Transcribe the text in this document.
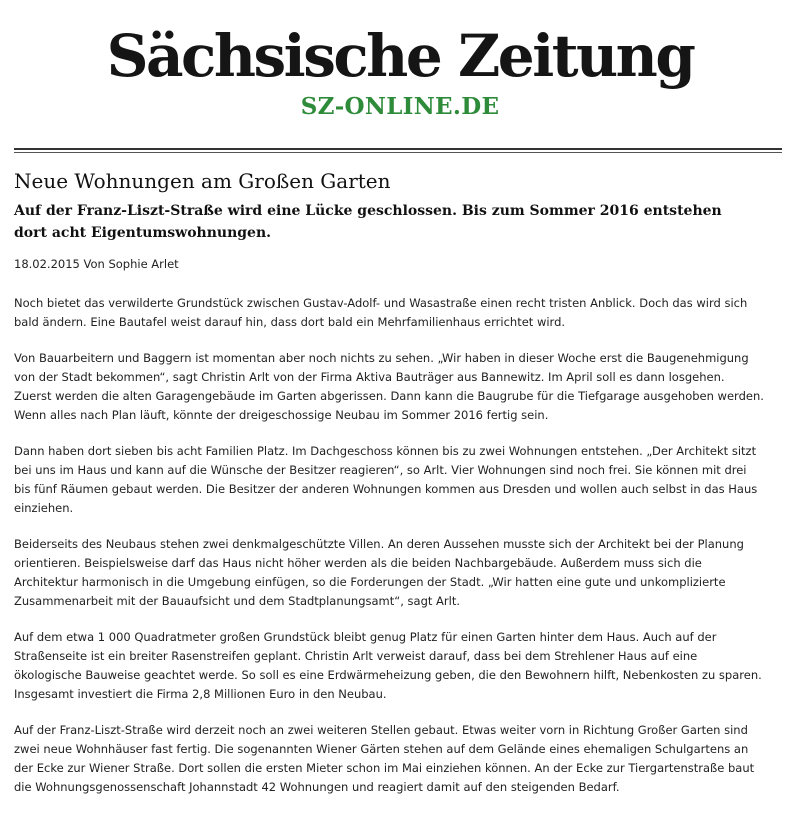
Sächsische Zeitung
SZ-ONLINE.DE
Neue Wohnungen am Großen Garten

Auf der Franz-Liszt-Straße wird eine Lücke geschlossen. Bis zum Sommer 2016 entstehen dort acht Eigentumswohnungen.

18.02.2015 Von Sophie Arlet

Noch bietet das verwilderte Grundstück zwischen Gustav-Adolf- und Wasastraße einen recht tristen Anblick. Doch das wird sich
bald ändern. Eine Bautafel weist darauf hin, dass dort bald ein Mehrfamilienhaus errichtet wird.

Von Bauarbeitern und Baggern ist momentan aber noch nichts zu sehen. „Wir haben in dieser Woche erst die Baugenehmigung
von der Stadt bekommen“, sagt Christin Arlt von der Firma Aktiva Bauträger aus Bannewitz. Im April soll es dann losgehen.
Zuerst werden die alten Garagengebäude im Garten abgerissen. Dann kann die Baugrube für die Tiefgarage ausgehoben werden.
Wenn alles nach Plan läuft, könnte der dreigeschossige Neubau im Sommer 2016 fertig sein.

Dann haben dort sieben bis acht Familien Platz. Im Dachgeschoss können bis zu zwei Wohnungen entstehen. „Der Architekt sitzt
bei uns im Haus und kann auf die Wünsche der Besitzer reagieren“, so Arlt. Vier Wohnungen sind noch frei. Sie können mit drei
bis fünf Räumen gebaut werden. Die Besitzer der anderen Wohnungen kommen aus Dresden und wollen auch selbst in das Haus
einziehen.

Beiderseits des Neubaus stehen zwei denkmalgeschützte Villen. An deren Aussehen musste sich der Architekt bei der Planung
orientieren. Beispielsweise darf das Haus nicht höher werden als die beiden Nachbargebäude. Außerdem muss sich die
Architektur harmonisch in die Umgebung einfügen, so die Forderungen der Stadt. „Wir hatten eine gute und unkomplizierte
Zusammenarbeit mit der Bauaufsicht und dem Stadtplanungsamt“, sagt Arlt.

Auf dem etwa 1 000 Quadratmeter großen Grundstück bleibt genug Platz für einen Garten hinter dem Haus. Auch auf der
Straßenseite ist ein breiter Rasenstreifen geplant. Christin Arlt verweist darauf, dass bei dem Strehlener Haus auf eine
ökologische Bauweise geachtet werde. So soll es eine Erdwärmeheizung geben, die den Bewohnern hilft, Nebenkosten zu sparen.
Insgesamt investiert die Firma 2,8 Millionen Euro in den Neubau.

Auf der Franz-Liszt-Straße wird derzeit noch an zwei weiteren Stellen gebaut. Etwas weiter vorn in Richtung Großer Garten sind
zwei neue Wohnhäuser fast fertig. Die sogenannten Wiener Gärten stehen auf dem Gelände eines ehemaligen Schulgartens an
der Ecke zur Wiener Straße. Dort sollen die ersten Mieter schon im Mai einziehen können. An der Ecke zur Tiergartenstraße baut
die Wohnungsgenossenschaft Johannstadt 42 Wohnungen und reagiert damit auf den steigenden Bedarf.
